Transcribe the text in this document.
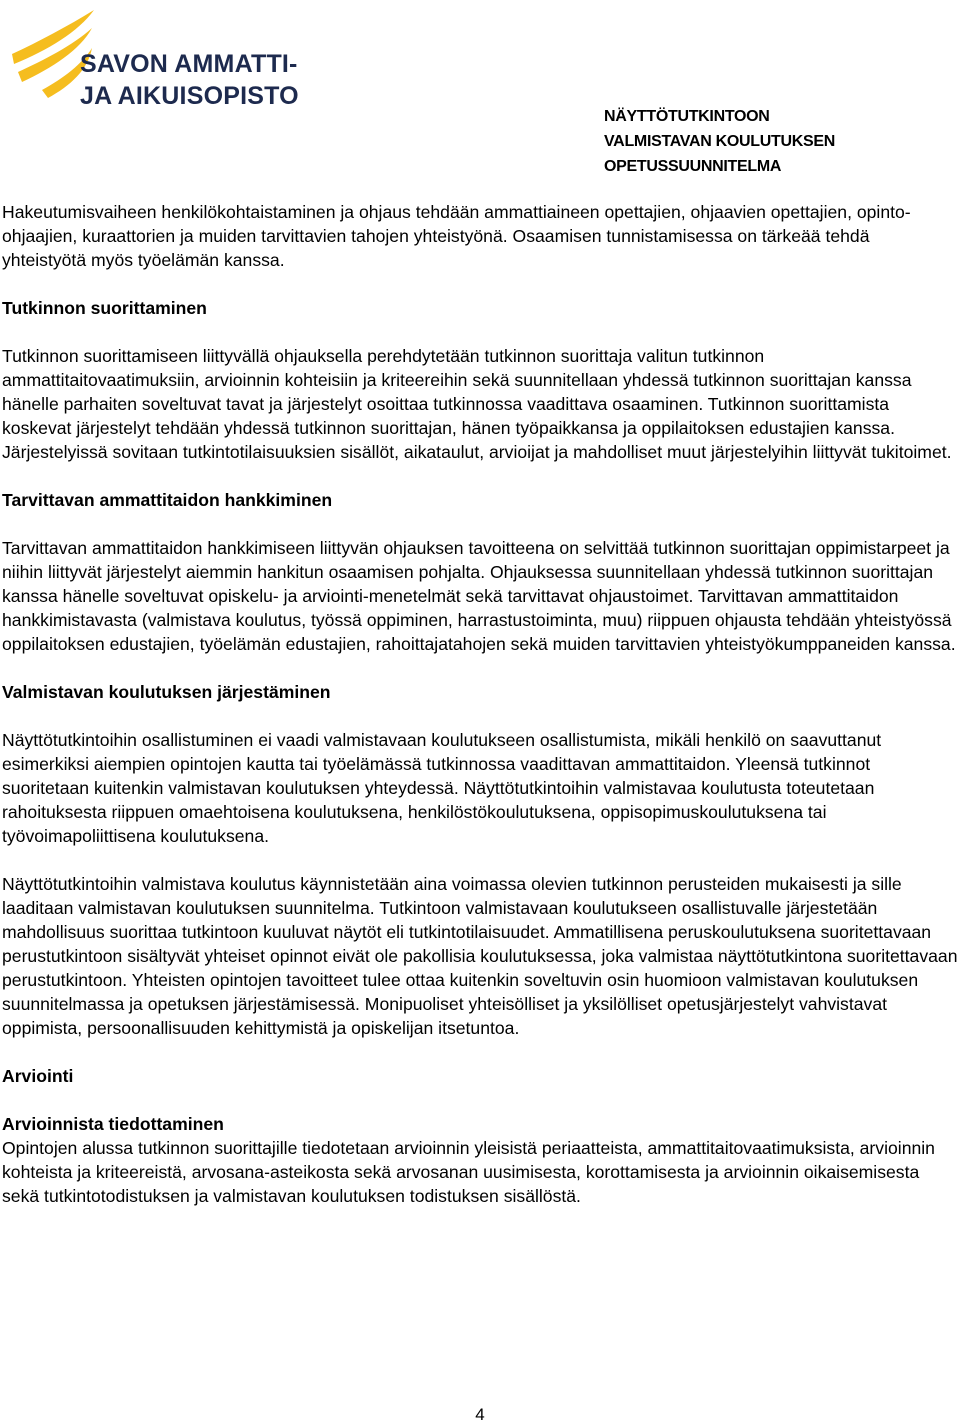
SAVON AMMATTI-
JA AIKUISOPISTO
NÄYTTÖTUTKINTOON
VALMISTAVAN KOULUTUKSEN
OPETUSSUUNNITELMA

Hakeutumisvaiheen henkilökohtaistaminen ja ohjaus tehdään ammattiaineen opettajien, ohjaavien opettajien, opinto-ohjaajien, kuraattorien ja muiden tarvittavien tahojen yhteistyönä. Osaamisen tunnistamisessa on tärkeää tehdä yhteistyötä myös työelämän kanssa.

Tutkinnon suorittaminen

Tutkinnon suorittamiseen liittyvällä ohjauksella perehdytetään tutkinnon suorittaja valitun tutkinnon ammattitaitovaatimuksiin, arvioinnin kohteisiin ja kriteereihin sekä suunnitellaan yhdessä tutkinnon suorittajan kanssa hänelle parhaiten soveltuvat tavat ja järjestelyt osoittaa tutkinnossa vaadittava osaaminen. Tutkinnon suorittamista koskevat järjestelyt tehdään yhdessä tutkinnon suorittajan, hänen työpaikkansa ja oppilaitoksen edustajien kanssa. Järjestelyissä sovitaan tutkintotilaisuuksien sisällöt, aikataulut, arvioijat ja mahdolliset muut järjestelyihin liittyvät tukitoimet.

Tarvittavan ammattitaidon hankkiminen

Tarvittavan ammattitaidon hankkimiseen liittyvän ohjauksen tavoitteena on selvittää tutkinnon suorittajan oppimistarpeet ja niihin liittyvät järjestelyt aiemmin hankitun osaamisen pohjalta. Ohjauksessa suunnitellaan yhdessä tutkinnon suorittajan kanssa hänelle soveltuvat opiskelu- ja arviointi-menetelmät sekä tarvittavat ohjaustoimet. Tarvittavan ammattitaidon hankkimistavasta (valmistava koulutus, työssä oppiminen, harrastustoiminta, muu) riippuen ohjausta tehdään yhteistyössä oppilaitoksen edustajien, työelämän edustajien, rahoittajatahojen sekä muiden tarvittavien yhteistyökumppaneiden kanssa.

Valmistavan koulutuksen järjestäminen

Näyttötutkintoihin osallistuminen ei vaadi valmistavaan koulutukseen osallistumista, mikäli henkilö on saavuttanut esimerkiksi aiempien opintojen kautta tai työelämässä tutkinnossa vaadittavan ammattitaidon. Yleensä tutkinnot suoritetaan kuitenkin valmistavan koulutuksen yhteydessä. Näyttötutkintoihin valmistavaa koulutusta toteutetaan rahoituksesta riippuen omaehtoisena koulutuksena, henkilöstökoulutuksena, oppisopimuskoulutuksena tai työvoimapoliittisena koulutuksena.

Näyttötutkintoihin valmistava koulutus käynnistetään aina voimassa olevien tutkinnon perusteiden mukaisesti ja sille laaditaan valmistavan koulutuksen suunnitelma. Tutkintoon valmistavaan koulutukseen osallistuvalle järjestetään mahdollisuus suorittaa tutkintoon kuuluvat näytöt eli tutkintotilaisuudet. Ammatillisena peruskoulutuksena suoritettavaan perustutkintoon sisältyvät yhteiset opinnot eivät ole pakollisia koulutuksessa, joka valmistaa näyttötutkintona suoritettavaan perustutkintoon. Yhteisten opintojen tavoitteet tulee ottaa kuitenkin soveltuvin osin huomioon valmistavan koulutuksen suunnitelmassa ja opetuksen järjestämisessä. Monipuoliset yhteisölliset ja yksilölliset opetusjärjestelyt vahvistavat oppimista, persoonallisuuden kehittymistä ja opiskelijan itsetuntoa.

Arviointi
Arvioinnista tiedottaminen

Opintojen alussa tutkinnon suorittajille tiedotetaan arvioinnin yleisistä periaatteista, ammattitaitovaatimuksista, arvioinnin kohteista ja kriteereistä, arvosana-asteikosta sekä arvosanan uusimisesta, korottamisesta ja arvioinnin oikaisemisesta sekä tutkintotodistuksen ja valmistavan koulutuksen todistuksen sisällöstä.

4
